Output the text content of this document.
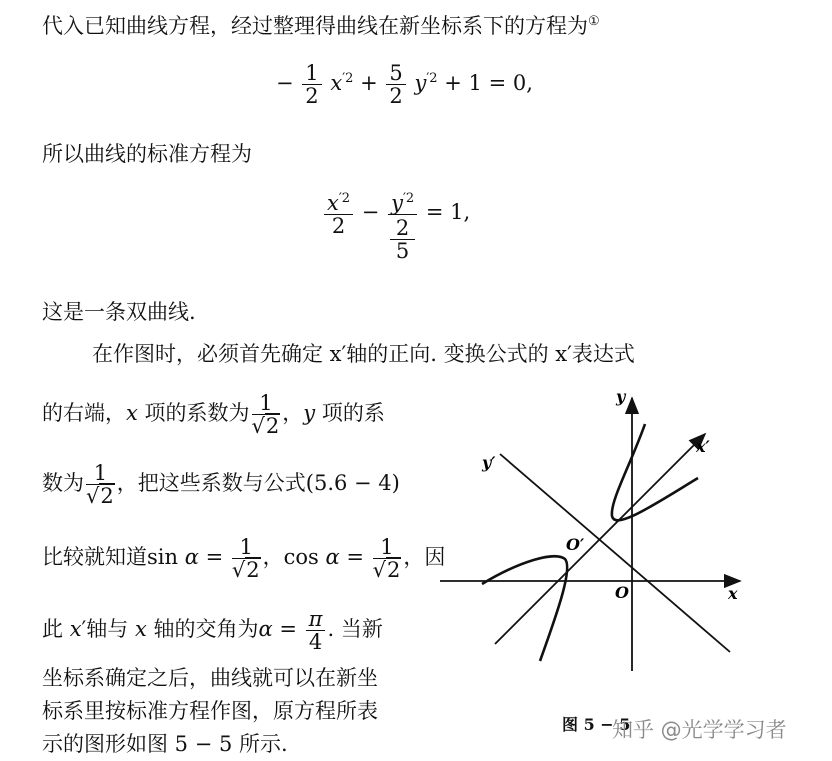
代入已知曲线方程，经过整理得曲线在新坐标系下的方程为①
− $\frac{1}{2} x^{'2} + \frac{5}{2} y^{'2} + 1 = 0$,
所以曲线的标准方程为
$\frac{x^{'2}}{2} - y^{'2}$
2
5 = 1,
这是一条双曲线.
在作图时，必须首先确定 x′轴的正向. 变换公式的 x′表达式
的右端，x 项的系数为 $\frac{1}{√2}$ ，y 项的系
数为 $\frac{1}{√2}$ ，把这些系数与公式(5.6 − 4)
比较就知道$\sin \alpha = \frac{1}{√2}$ ，$\cos \alpha = \frac{1}{√2}$ ，因
此 x′轴与 x 轴的交角为$\alpha = \frac{\pi}{4}$ . 当新
坐标系确定之后，曲线就可以在新坐
标系里按标准方程作图，原方程所表
示的图形如图 5 − 5 所示.
y
x
y′
x′
O
O′
图 5 − 5
知乎 @光学学习者
